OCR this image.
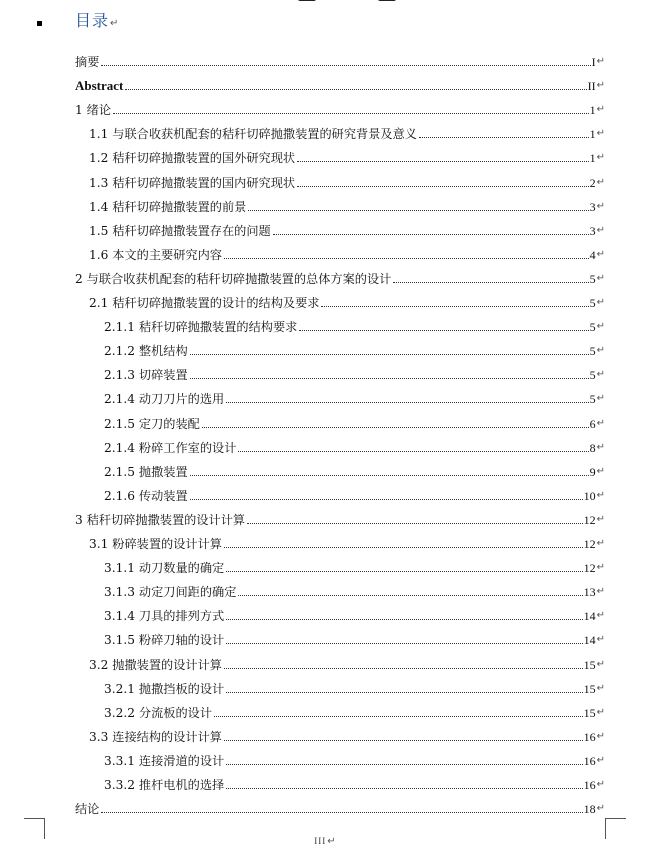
目录↵
摘要	I ↵
Abstract	II ↵
1 绪论	1 ↵
1.1 与联合收获机配套的秸秆切碎抛撒装置的研究背景及意义	1 ↵
1.2 秸秆切碎抛撒装置的国外研究现状	1 ↵
1.3 秸秆切碎抛撒装置的国内研究现状	2 ↵
1.4 秸秆切碎抛撒装置的前景	3 ↵
1.5 秸秆切碎抛撒装置存在的问题	3 ↵
1.6 本文的主要研究内容	4 ↵
2 与联合收获机配套的秸秆切碎抛撒装置的总体方案的设计	5 ↵
2.1 秸秆切碎抛撒装置的设计的结构及要求	5 ↵
2.1.1 秸秆切碎抛撒装置的结构要求	5 ↵
2.1.2 整机结构	5 ↵
2.1.3 切碎装置	5 ↵
2.1.4 动刀刀片的选用	5 ↵
2.1.5 定刀的装配	6 ↵
2.1.4 粉碎工作室的设计	8 ↵
2.1.5 抛撒装置	9 ↵
2.1.6 传动装置	10 ↵
3 秸秆切碎抛撒装置的设计计算	12 ↵
3.1 粉碎装置的设计计算	12 ↵
3.1.1 动刀数量的确定	12 ↵
3.1.3 动定刀间距的确定	13 ↵
3.1.4 刀具的排列方式	14 ↵
3.1.5 粉碎刀轴的设计	14 ↵
3.2 抛撒装置的设计计算	15 ↵
3.2.1 抛撒挡板的设计	15 ↵
3.2.2 分流板的设计	15 ↵
3.3 连接结构的设计计算	16 ↵
3.3.1 连接滑道的设计	16 ↵
3.3.2 推杆电机的选择	16 ↵
结论	18 ↵
III↵
